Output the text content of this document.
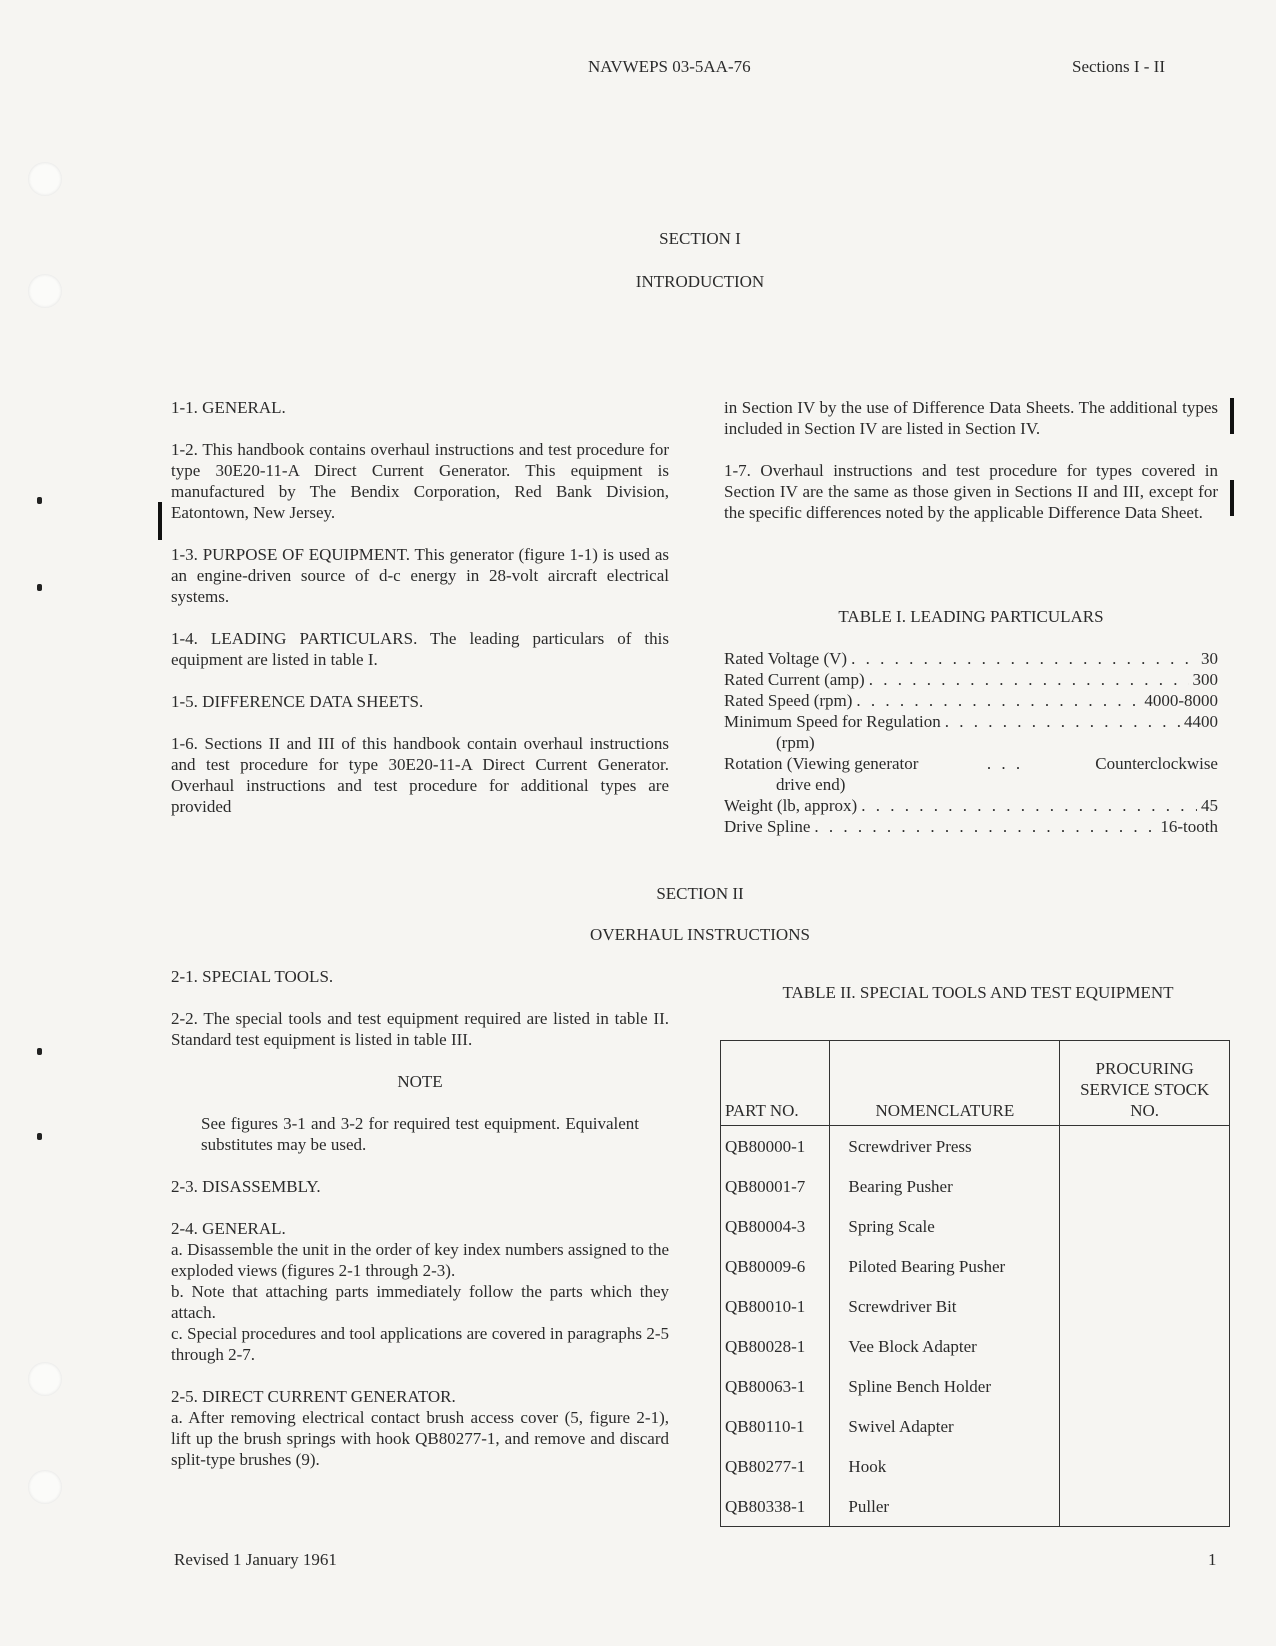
NAVWEPS 03-5AA-76	Sections I - II
SECTION I
INTRODUCTION

1-1. GENERAL.

1-2. This handbook contains overhaul instructions and test procedure for type 30E20-11-A Direct Current Generator. This equipment is manufactured by The Bendix Corporation, Red Bank Division, Eatontown, New Jersey.

1-3. PURPOSE OF EQUIPMENT. This generator (figure 1-1) is used as an engine-driven source of d-c energy in 28-volt aircraft electrical systems.

1-4. LEADING PARTICULARS. The leading particulars of this equipment are listed in table I.

1-5. DIFFERENCE DATA SHEETS.

1-6. Sections II and III of this handbook contain overhaul instructions and test procedure for type 30E20-11-A Direct Current Generator. Overhaul instructions and test procedure for additional types are provided

in Section IV by the use of Difference Data Sheets. The additional types included in Section IV are listed in Section IV.

1-7. Overhaul instructions and test procedure for types covered in Section IV are the same as those given in Sections II and III, except for the specific differences noted by the applicable Difference Data Sheet.

TABLE I. LEADING PARTICULARS
Rated Voltage (V) . . .	30
Rated Current (amp) . . .	300
Rated Speed (rpm) . . .	4000-8000
Minimum Speed for Regulation . . .	4400
(rpm)
Rotation (Viewing generator . . .	Counterclockwise
drive end)
Weight (lb, approx) . . .	45
Drive Spline . . .	16-tooth
SECTION II
OVERHAUL INSTRUCTIONS

2-1. SPECIAL TOOLS.

2-2. The special tools and test equipment required are listed in table II. Standard test equipment is listed in table III.

NOTE

See figures 3-1 and 3-2 for required test equipment. Equivalent substitutes may be used.

2-3. DISASSEMBLY.

2-4. GENERAL.

a. Disassemble the unit in the order of key index numbers assigned to the exploded views (figures 2-1 through 2-3).

b. Note that attaching parts immediately follow the parts which they attach.

c. Special procedures and tool applications are covered in paragraphs 2-5 through 2-7.

2-5. DIRECT CURRENT GENERATOR.

a. After removing electrical contact brush access cover (5, figure 2-1), lift up the brush springs with hook QB80277-1, and remove and discard split-type brushes (9).

TABLE II. SPECIAL TOOLS AND TEST EQUIPMENT
PART NO.	NOMENCLATURE	PROCURING SERVICE STOCK NO.
QB80000-1	Screwdriver Press	
QB80001-7	Bearing Pusher	
QB80004-3	Spring Scale	
QB80009-6	Piloted Bearing Pusher	
QB80010-1	Screwdriver Bit	
QB80028-1	Vee Block Adapter	
QB80063-1	Spline Bench Holder	
QB80110-1	Swivel Adapter	
QB80277-1	Hook	
QB80338-1	Puller	
Revised 1 January 1961	1
